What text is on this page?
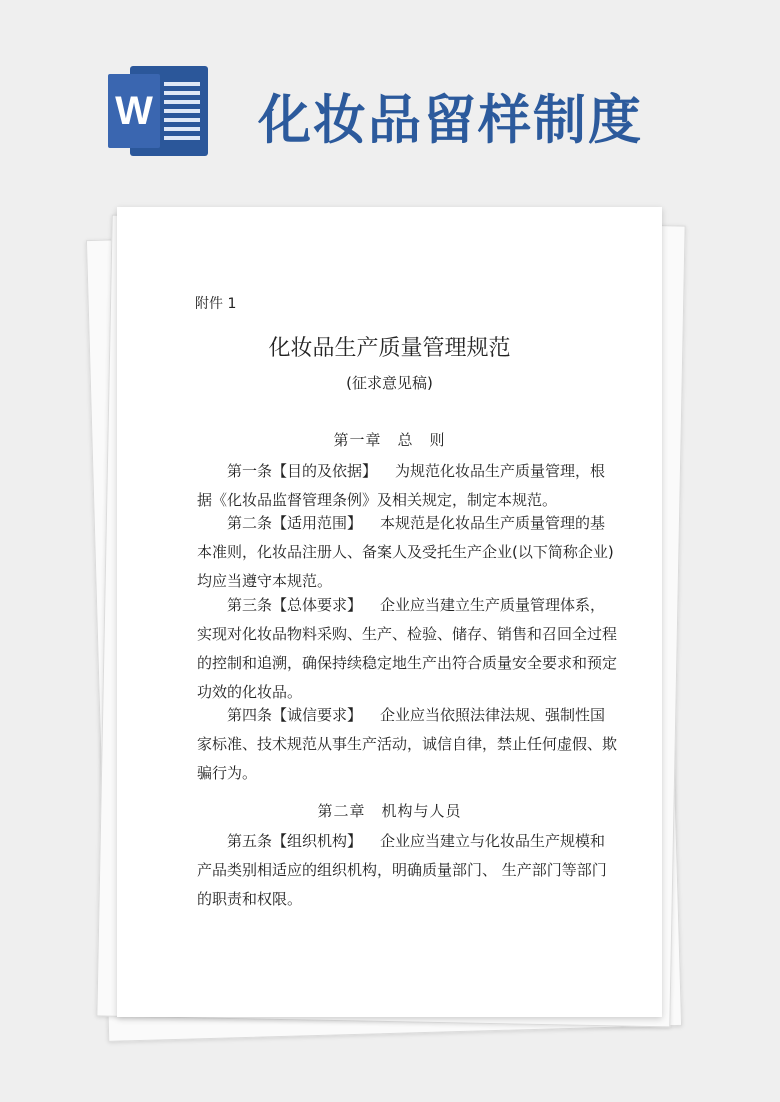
W 化妆品留样制度
附件 1
化妆品生产质量管理规范
(征求意见稿)
第一章　总　则
第一条【目的及依据】 为规范化妆品生产质量管理，根据《化妆品监督管理条例》及相关规定，制定本规范。
第二条【适用范围】 本规范是化妆品生产质量管理的基本准则，化妆品注册人、备案人及受托生产企业(以下简称企业)均应当遵守本规范。
第三条【总体要求】 企业应当建立生产质量管理体系，实现对化妆品物料采购、生产、检验、储存、销售和召回全过程的控制和追溯，确保持续稳定地生产出符合质量安全要求和预定功效的化妆品。
第四条【诚信要求】 企业应当依照法律法规、强制性国家标准、技术规范从事生产活动，诚信自律，禁止任何虚假、欺骗行为。
第二章　机构与人员
第五条【组织机构】 企业应当建立与化妆品生产规模和产品类别相适应的组织机构，明确质量部门、 生产部门等部门的职责和权限。
